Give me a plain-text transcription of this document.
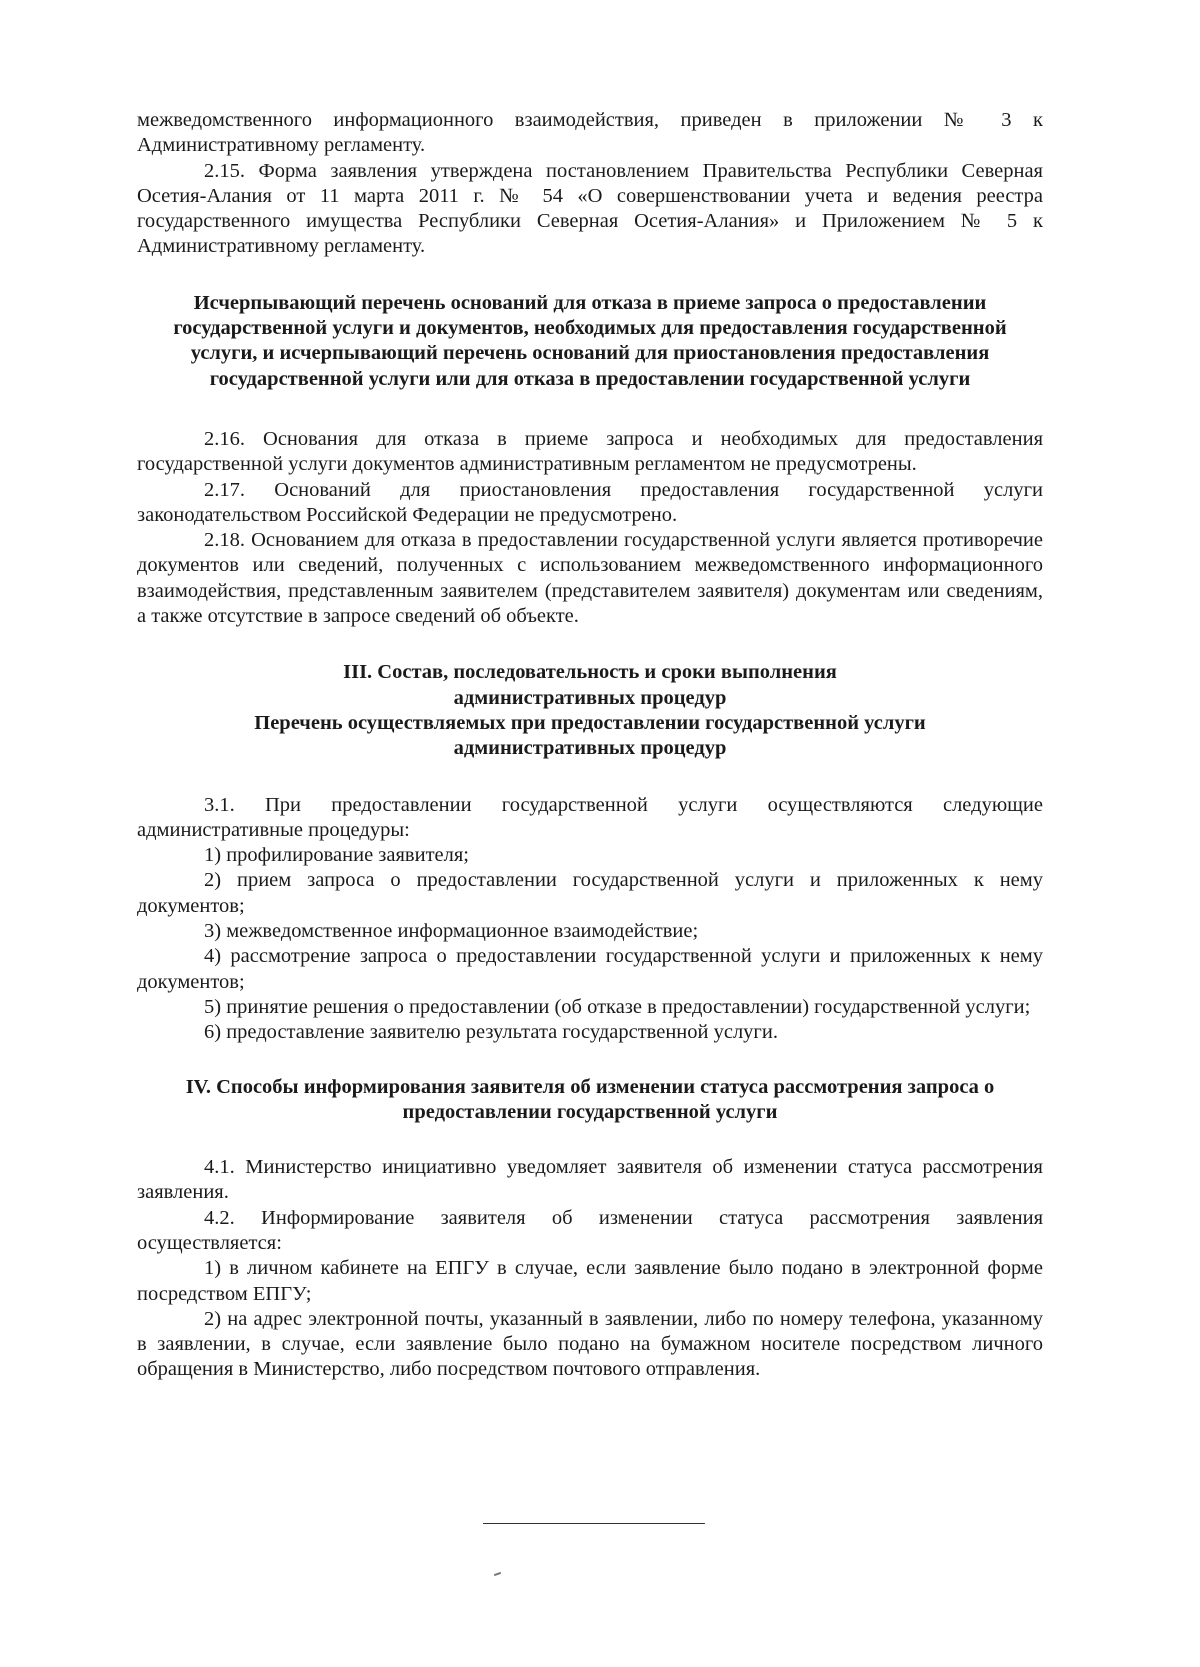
межведомственного информационного взаимодействия, приведен в приложении № 3 к Административному регламенту.

2.15. Форма заявления утверждена постановлением Правительства Республики Северная Осетия-Алания от 11 марта 2011 г. № 54 «О совершенствовании учета и ведения реестра государственного имущества Республики Северная Осетия-Алания» и Приложением № 5 к Административному регламенту.

Исчерпывающий перечень оснований для отказа в приеме запроса о предоставлении государственной услуги и документов, необходимых для предоставления государственной услуги, и исчерпывающий перечень оснований для приостановления предоставления государственной услуги или для отказа в предоставлении государственной услуги

2.16. Основания для отказа в приеме запроса и необходимых для предоставления государственной услуги документов административным регламентом не предусмотрены.

2.17. Оснований для приостановления предоставления государственной услуги законодательством Российской Федерации не предусмотрено.

2.18. Основанием для отказа в предоставлении государственной услуги является противоречие документов или сведений, полученных с использованием межведомственного информационного взаимодействия, представленным заявителем (представителем заявителя) документам или сведениям, а также отсутствие в запросе сведений об объекте.

III. Состав, последовательность и сроки выполнения

административных процедур

Перечень осуществляемых при предоставлении государственной услуги

административных процедур

3.1. При предоставлении государственной услуги осуществляются следующие административные процедуры:

1) профилирование заявителя;

2) прием запроса о предоставлении государственной услуги и приложенных к нему документов;

3) межведомственное информационное взаимодействие;

4) рассмотрение запроса о предоставлении государственной услуги и приложенных к нему документов;

5) принятие решения о предоставлении (об отказе в предоставлении) государственной услуги;

6) предоставление заявителю результата государственной услуги.

IV. Способы информирования заявителя об изменении статуса рассмотрения запроса о предоставлении государственной услуги

4.1. Министерство инициативно уведомляет заявителя об изменении статуса рассмотрения заявления.

4.2. Информирование заявителя об изменении статуса рассмотрения заявления осуществляется:

1) в личном кабинете на ЕПГУ в случае, если заявление было подано в электронной форме посредством ЕПГУ;

2) на адрес электронной почты, указанный в заявлении, либо по номеру телефона, указанному в заявлении, в случае, если заявление было подано на бумажном носителе посредством личного обращения в Министерство, либо посредством почтового отправления.
